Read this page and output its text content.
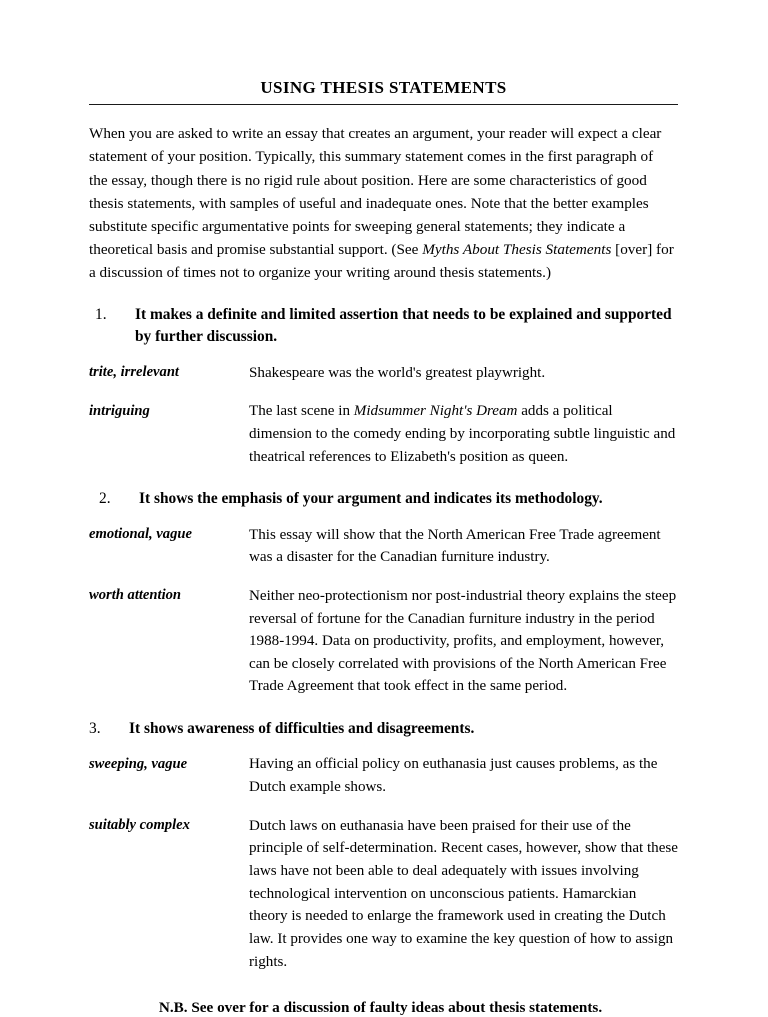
USING THESIS STATEMENTS

When you are asked to write an essay that creates an argument, your reader will expect a clear statement of your position. Typically, this summary statement comes in the first paragraph of the essay, though there is no rigid rule about position. Here are some characteristics of good thesis statements, with samples of useful and inadequate ones. Note that the better examples substitute specific argumentative points for sweeping general statements; they indicate a theoretical basis and promise substantial support. (See Myths About Thesis Statements [over] for a discussion of times not to organize your writing around thesis statements.)

1.	It makes a definite and limited assertion that needs to be explained and supported by further discussion.
trite, irrelevant	Shakespeare was the world's greatest playwright.
intriguing	The last scene in Midsummer Night's Dream adds a political dimension to the comedy ending by incorporating subtle linguistic and theatrical references to Elizabeth's position as queen.
2.	It shows the emphasis of your argument and indicates its methodology.
emotional, vague	This essay will show that the North American Free Trade agreement was a disaster for the Canadian furniture industry.
worth attention	Neither neo-protectionism nor post-industrial theory explains the steep reversal of fortune for the Canadian furniture industry in the period 1988-1994. Data on productivity, profits, and employment, however, can be closely correlated with provisions of the North American Free Trade Agreement that took effect in the same period.
3.	It shows awareness of difficulties and disagreements.
sweeping, vague	Having an official policy on euthanasia just causes problems, as the Dutch example shows.
suitably complex	Dutch laws on euthanasia have been praised for their use of the principle of self-determination. Recent cases, however, show that these laws have not been able to deal adequately with issues involving technological intervention on unconscious patients. Hamarckian theory is needed to enlarge the framework used in creating the Dutch law. It provides one way to examine the key question of how to assign rights.
N.B. See over for a discussion of faulty ideas about thesis statements.
